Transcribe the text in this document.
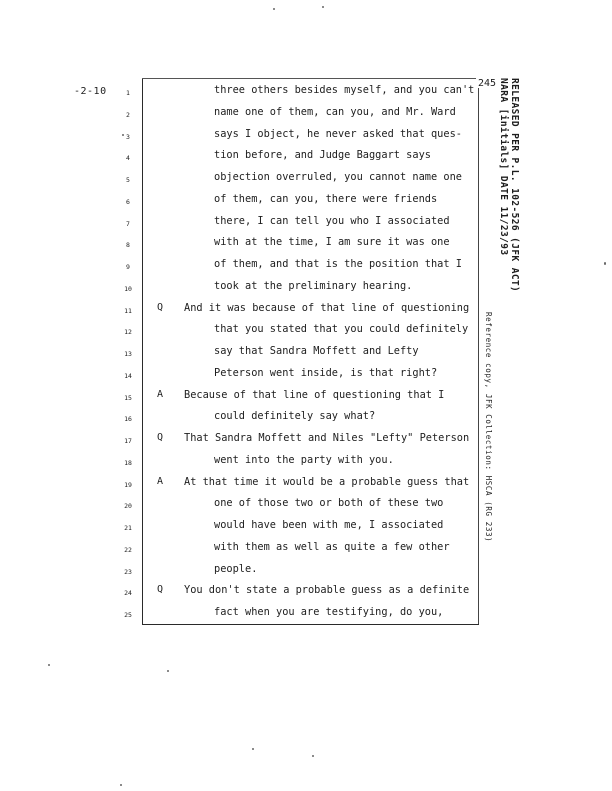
-2-10
245
1	three others besides myself, and you can't
2	name one of them, can you, and Mr. Ward
3	says I object, he never asked that ques-
4	tion before, and Judge Baggart says
5	objection overruled, you cannot name one
6	of them, can you, there were friends
7	there, I can tell you who I associated
8	with at the time, I am sure it was one
9	of them, and that is the position that I
10	took at the preliminary hearing.
11	Q And it was because of that line of questioning
12	that you stated that you could definitely
13	say that Sandra Moffett and Lefty
14	Peterson went inside, is that right?
15	A Because of that line of questioning that I
16	could definitely say what?
17	Q That Sandra Moffett and Niles "Lefty" Peterson
18	went into the party with you.
19	A At that time it would be a probable guess that
20	one of those two or both of these two
21	would have been with me, I associated
22	with them as well as quite a few other
23	people.
24	Q You don't state a probable guess as a definite
25	fact when you are testifying, do you,
RELEASED PER P.L. 102-526 (JFK ACT)
NARA [initials] DATE 11/23/93
Reference copy, JFK Collection: HSCA (RG 233)
